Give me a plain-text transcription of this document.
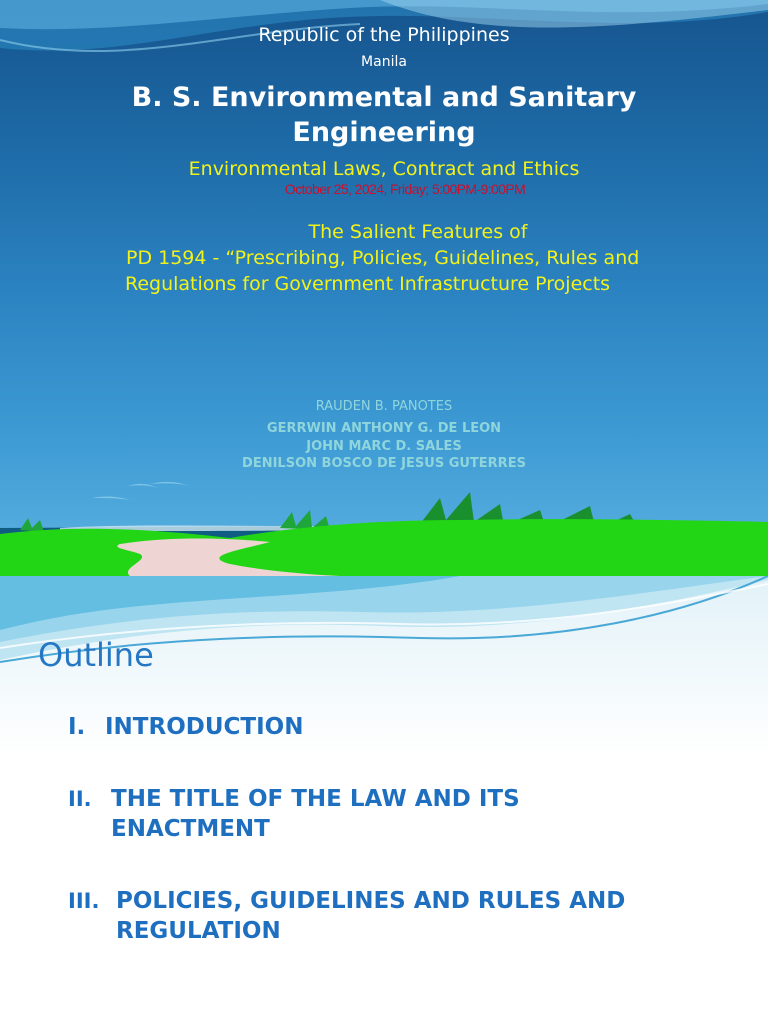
Republic of the Philippines

Manila

B. S. Environmental and Sanitary
Engineering

Environmental Laws, Contract and Ethics

October 25, 2024, Friday; 5:00PM-9:00PM

The Salient Features of

PD 1594 - “Prescribing, Policies, Guidelines, Rules and

Regulations for Government Infrastructure Projects

RAUDEN B. PANOTES

GERRWIN ANTHONY G. DE LEON

JOHN MARC D. SALES

DENILSON BOSCO DE JESUS GUTERRES

Outline

I. INTRODUCTION
II. THE TITLE OF THE LAW AND ITS
ENACTMENT
III. POLICIES, GUIDELINES AND RULES AND
REGULATION
